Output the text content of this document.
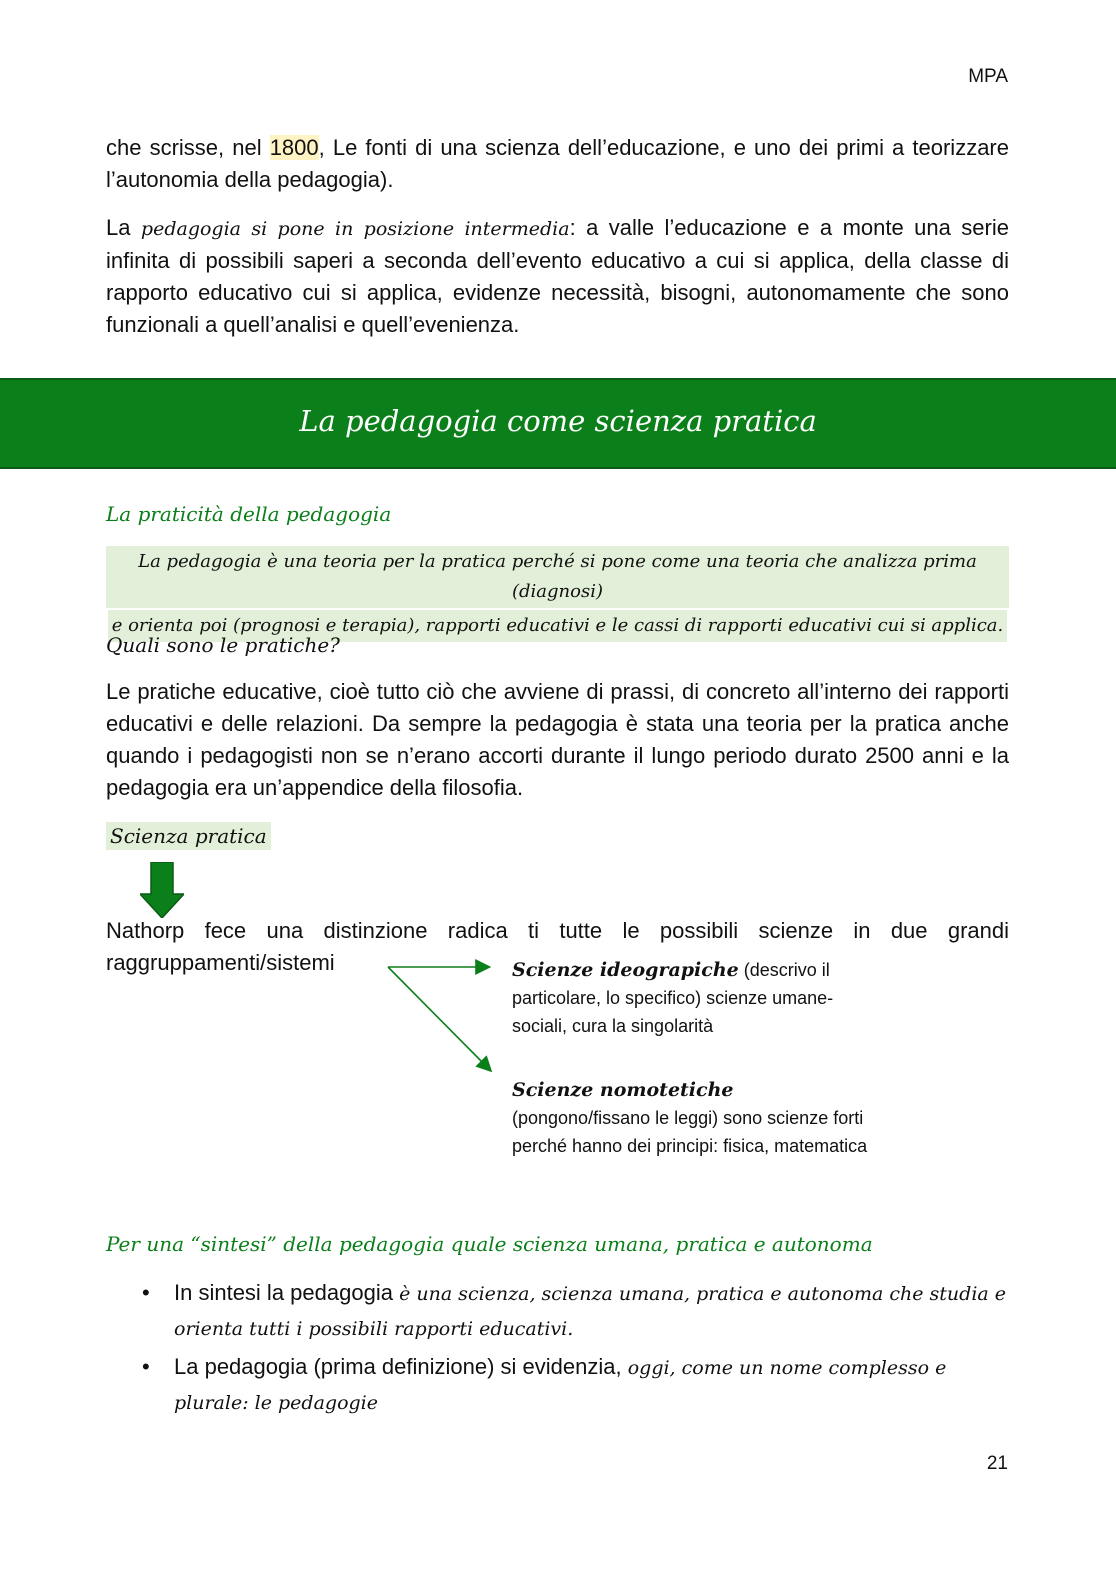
MPA

che scrisse, nel 1800, Le fonti di una scienza dell’educazione, e uno dei primi a teorizzare l’autonomia della pedagogia).

La pedagogia si pone in posizione intermedia: a valle l’educazione e a monte una serie infinita di possibili saperi a seconda dell’evento educativo a cui si applica, della classe di rapporto educativo cui si applica, evidenze necessità, bisogni, autonomamente che sono funzionali a quell’analisi e quell’evenienza.

La pedagogia come scienza pratica
La praticità della pedagogia
La pedagogia è una teoria per la pratica perché si pone come una teoria che analizza prima (diagnosi)
e orienta poi (prognosi e terapia), rapporti educativi e le cassi di rapporti educativi cui si applica.
Quali sono le pratiche?

Le pratiche educative, cioè tutto ciò che avviene di prassi, di concreto all’interno dei rapporti educativi e delle relazioni. Da sempre la pedagogia è stata una teoria per la pratica anche quando i pedagogisti non se n’erano accorti durante il lungo periodo durato 2500 anni e la pedagogia era un’appendice della filosofia.

Scienza pratica

Nathorp fece una distinzione radica ti tutte le possibili scienze in due grandi raggruppamenti/sistemi	Scienze ideograpiche (descrivo il particolare, lo specifico) scienze umane-sociali, cura la singolarità
Scienze nomotetiche (pongono/fissano le leggi) sono scienze forti perché hanno dei principi: fisica, matematica
Per una “sintesi” della pedagogia quale scienza umana, pratica e autonoma
• In sintesi la pedagogia è una scienza, scienza umana, pratica e autonoma che studia e orienta tutti i possibili rapporti educativi.
• La pedagogia (prima definizione) si evidenzia, oggi, come un nome complesso e plurale: le pedagogie
21
